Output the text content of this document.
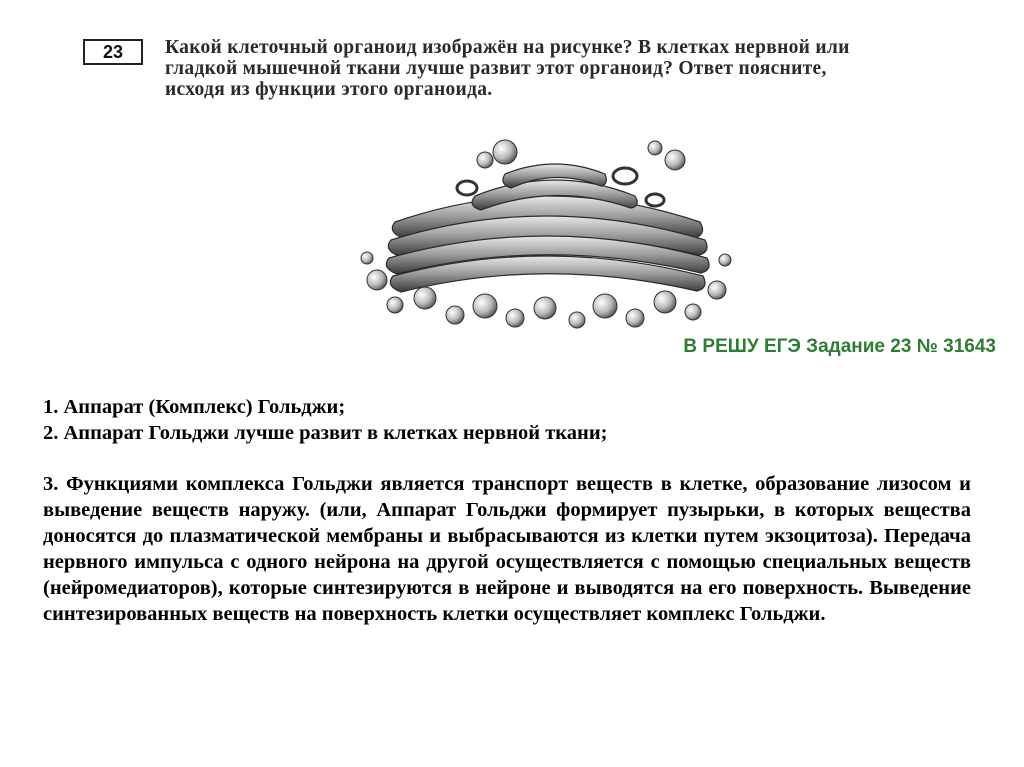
23	Какой клеточный органоид изображён на рисунке? В клетках нервной или
гладкой мышечной ткани лучше развит этот органоид? Ответ поясните,
исходя из функции этого органоида.
В РЕШУ ЕГЭ Задание 23 № 31643

1. Аппарат (Комплекс) Гольджи;

2. Аппарат Гольджи лучше развит в клетках нервной ткани;

3. Функциями комплекса Гольджи является транспорт веществ в клетке, образование лизосом и выведение веществ наружу. (или, Аппарат Гольджи формирует пузырьки, в которых вещества доносятся до плазматической мембраны и выбрасываются из клетки путем экзоцитоза). Передача нервного импульса с одного нейрона на другой осуществляется с помощью специальных веществ (нейромедиаторов), которые синтезируются в нейроне и выводятся на его поверхность. Выведение синтезированных веществ на поверхность клетки осуществляет комплекс Гольджи.
